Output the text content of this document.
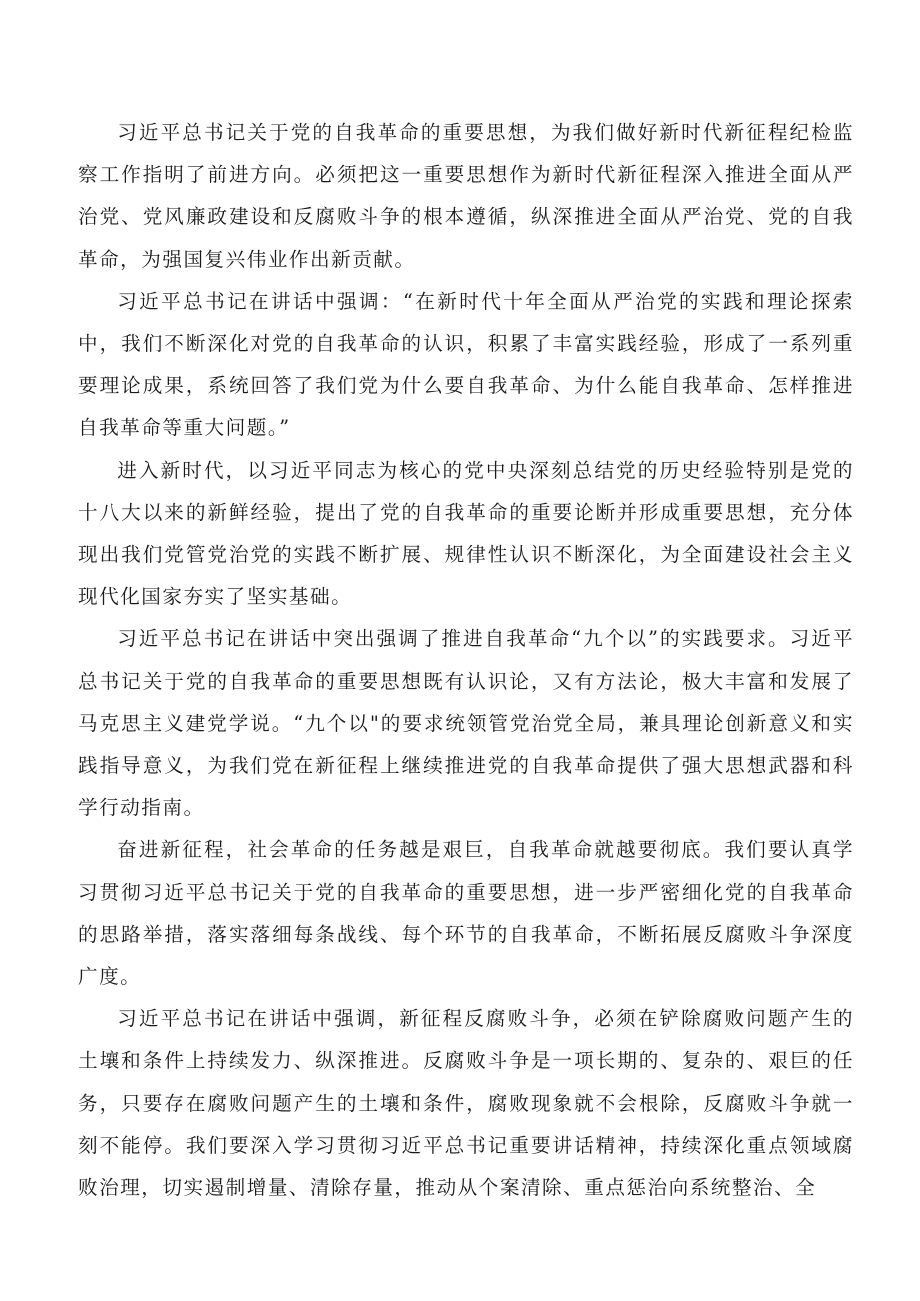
习近平总书记关于党的自我革命的重要思想，为我们做好新时代新征程纪检监察工作指明了前进方向。必须把这一重要思想作为新时代新征程深入推进全面从严治党、党风廉政建设和反腐败斗争的根本遵循，纵深推进全面从严治党、党的自我革命，为强国复兴伟业作出新贡献。

习近平总书记在讲话中强调：“在新时代十年全面从严治党的实践和理论探索中，我们不断深化对党的自我革命的认识，积累了丰富实践经验，形成了一系列重要理论成果，系统回答了我们党为什么要自我革命、为什么能自我革命、怎样推进自我革命等重大问题。”

进入新时代，以习近平同志为核心的党中央深刻总结党的历史经验特别是党的十八大以来的新鲜经验，提出了党的自我革命的重要论断并形成重要思想，充分体现出我们党管党治党的实践不断扩展、规律性认识不断深化，为全面建设社会主义现代化国家夯实了坚实基础。

习近平总书记在讲话中突出强调了推进自我革命“九个以”的实践要求。习近平总书记关于党的自我革命的重要思想既有认识论，又有方法论，极大丰富和发展了马克思主义建党学说。“九个以"的要求统领管党治党全局，兼具理论创新意义和实践指导意义，为我们党在新征程上继续推进党的自我革命提供了强大思想武器和科学行动指南。

奋进新征程，社会革命的任务越是艰巨，自我革命就越要彻底。我们要认真学习贯彻习近平总书记关于党的自我革命的重要思想，进一步严密细化党的自我革命的思路举措，落实落细每条战线、每个环节的自我革命，不断拓展反腐败斗争深度广度。

习近平总书记在讲话中强调，新征程反腐败斗争，必须在铲除腐败问题产生的土壤和条件上持续发力、纵深推进。反腐败斗争是一项长期的、复杂的、艰巨的任务，只要存在腐败问题产生的土壤和条件，腐败现象就不会根除，反腐败斗争就一刻不能停。我们要深入学习贯彻习近平总书记重要讲话精神，持续深化重点领域腐败治理，切实遏制增量、清除存量，推动从个案清除、重点惩治向系统整治、全
